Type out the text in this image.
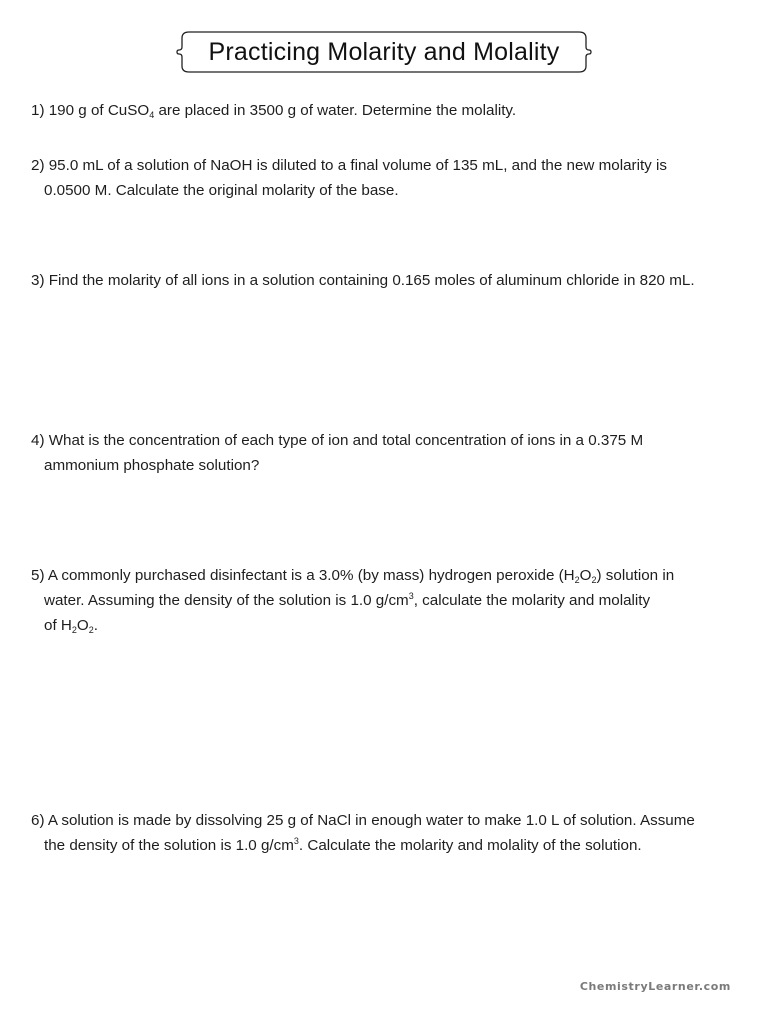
Practicing Molarity and Molality
1) 190 g of CuSO$_4$ are placed in 3500 g of water. Determine the molality.
2) 95.0 mL of a solution of NaOH is diluted to a final volume of 135 mL, and the new molarity is
0.0500 M. Calculate the original molarity of the base.
3) Find the molarity of all ions in a solution containing 0.165 moles of aluminum chloride in 820 mL.
4) What is the concentration of each type of ion and total concentration of ions in a 0.375 M
ammonium phosphate solution?
5) A commonly purchased disinfectant is a 3.0% (by mass) hydrogen peroxide $(H_2O_2)$ solution in
water. Assuming the density of the solution is 1.0 $g/cm^3$, calculate the molarity and molality
of $H_2O_2$.
6) A solution is made by dissolving 25 g of NaCl in enough water to make 1.0 L of solution. Assume
the density of the solution is 1.0 $g/cm^3$. Calculate the molarity and molality of the solution.
ChemistryLearner.com
